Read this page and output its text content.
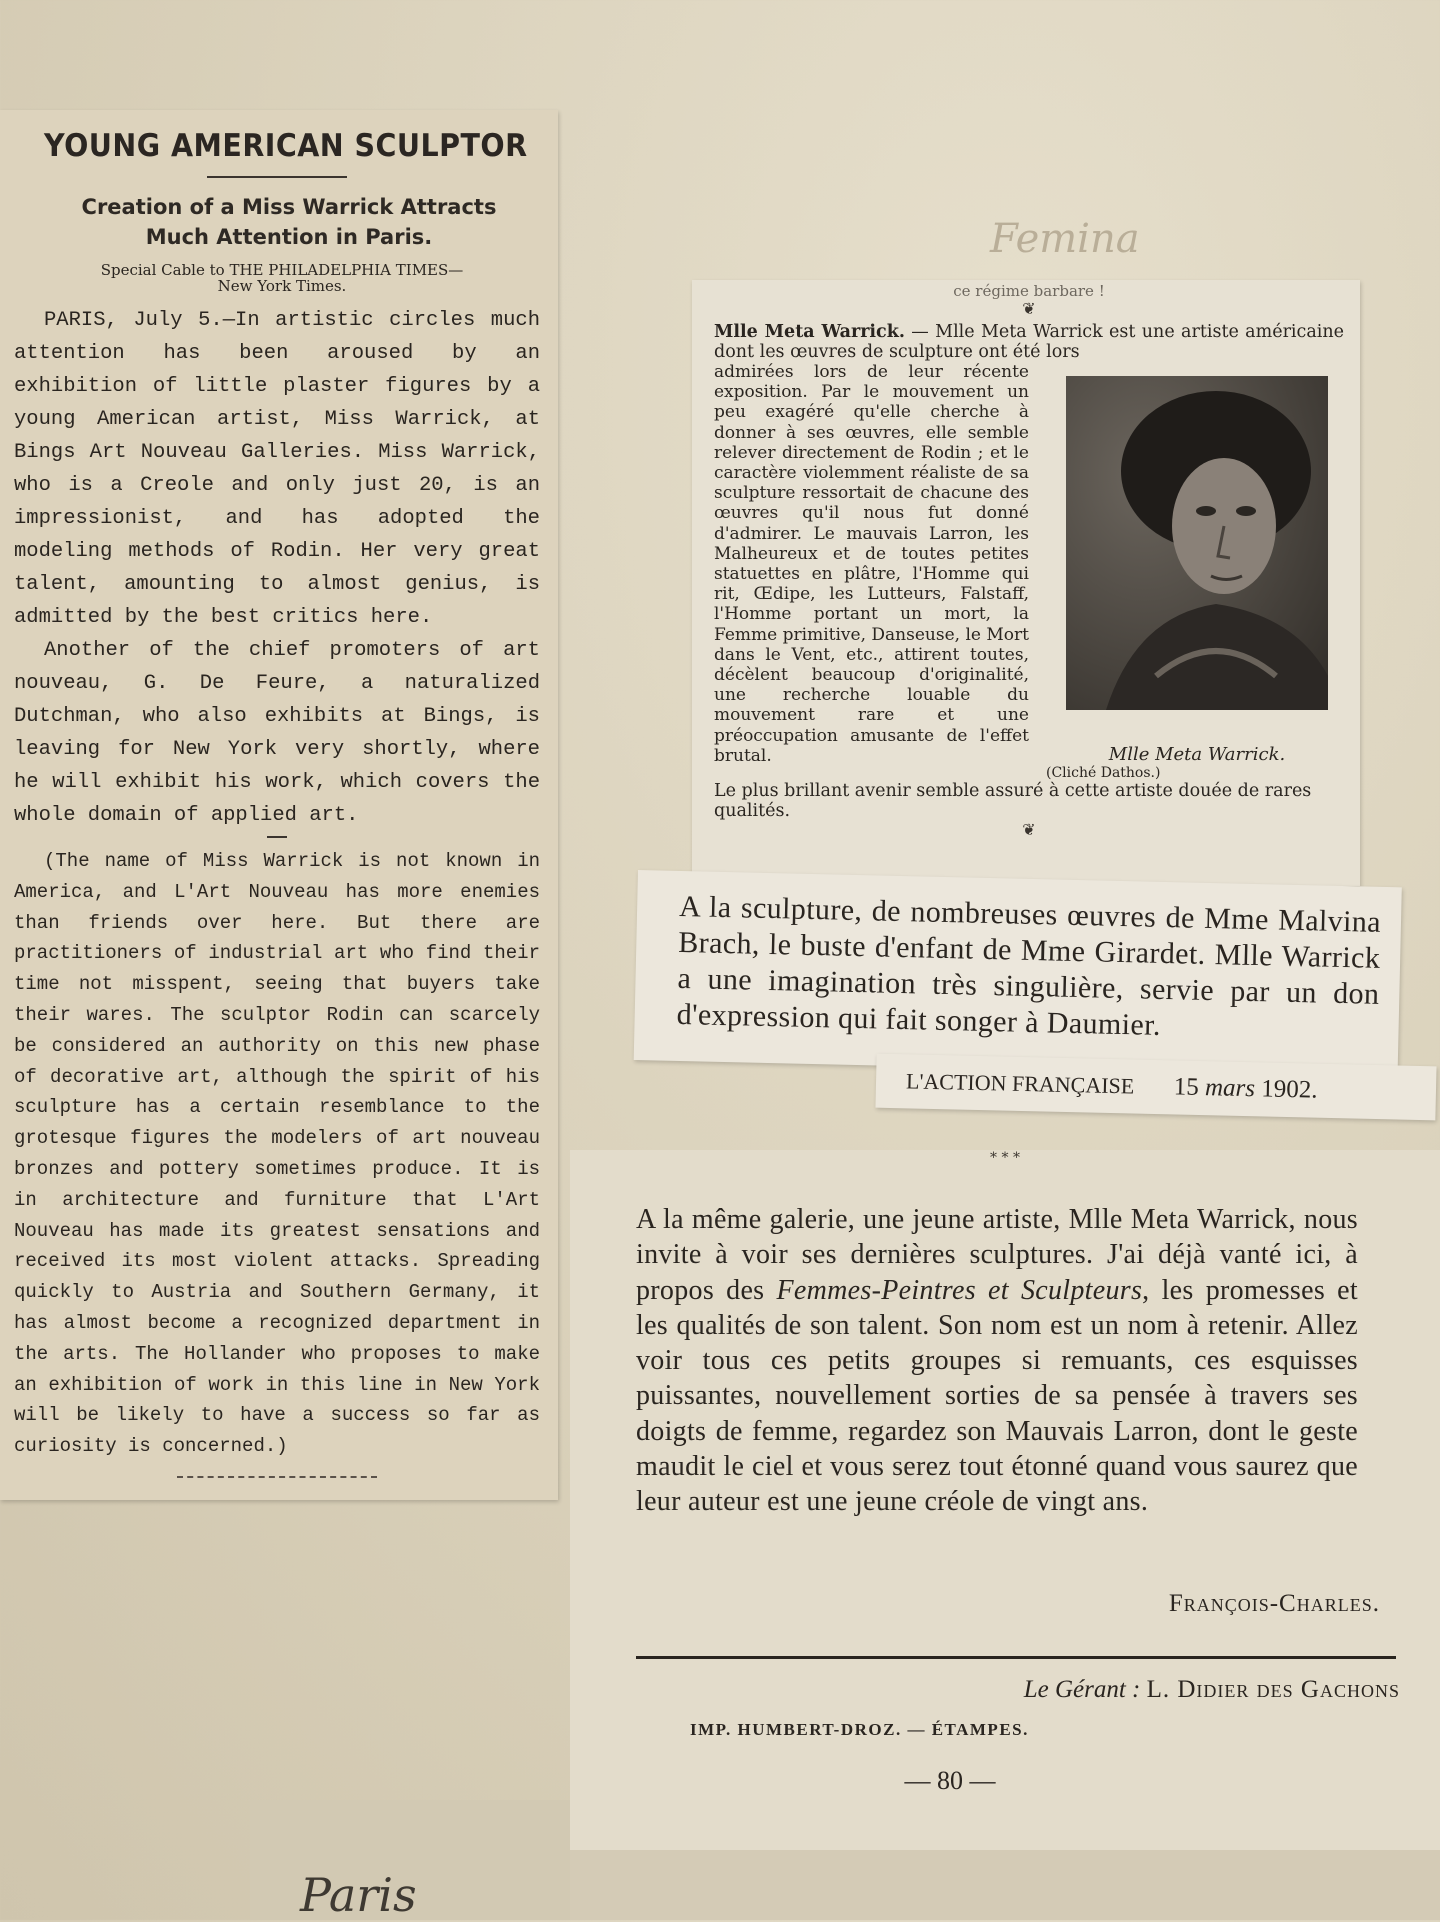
YOUNG AMERICAN SCULPTOR
Creation of a Miss Warrick Attracts
Much Attention in Paris.
Special Cable to THE PHILADELPHIA TIMES—
New York Times.

PARIS, July 5.—In artistic circles much attention has been aroused by an exhibition of little plaster figures by a young American artist, Miss Warrick, at Bings Art Nouveau Galleries. Miss Warrick, who is a Creole and only just 20, is an impressionist, and has adopted the modeling methods of Rodin. Her very great talent, amounting to almost genius, is admitted by the best critics here.

Another of the chief promoters of art nouveau, G. De Feure, a naturalized Dutchman, who also exhibits at Bings, is leaving for New York very shortly, where he will exhibit his work, which covers the whole domain of applied art.

(The name of Miss Warrick is not known in America, and L'Art Nouveau has more enemies than friends over here. But there are practitioners of industrial art who find their time not misspent, seeing that buyers take their wares. The sculptor Rodin can scarcely be considered an authority on this new phase of decorative art, although the spirit of his sculpture has a certain resemblance to the grotesque figures the modelers of art nouveau bronzes and pottery sometimes produce. It is in architecture and furniture that L'Art Nouveau has made its greatest sensations and received its most violent attacks. Spreading quickly to Austria and Southern Germany, it has almost become a recognized department in the arts. The Hollander who proposes to make an exhibition of work in this line in New York will be likely to have a success so far as curiosity is concerned.)

Femina
ce régime barbare !
❦

Mlle Meta Warrick. — Mlle Meta Warrick est une artiste américaine dont les œuvres de sculpture ont été lors

admirées lors de leur récente exposition. Par le mouvement un peu exagéré qu'elle cherche à donner à ses œuvres, elle semble relever directement de Rodin ; et le caractère violemment réaliste de sa sculpture ressortait de chacune des œuvres qu'il nous fut donné d'admirer. Le mauvais Larron, les Malheureux et de toutes petites statuettes en plâtre, l'Homme qui rit, Œdipe, les Lutteurs, Falstaff, l'Homme portant un mort, la Femme primitive, Danseuse, le Mort dans le Vent, etc., attirent toutes, décèlent beaucoup d'originalité, une recherche louable du mouvement rare et une préoccupation amusante de l'effet brutal.	Mlle Meta Warrick.
(Cliché Dathos.)

Le plus brillant avenir semble assuré à cette artiste douée de rares qualités.

❦

A la sculpture, de nombreuses œuvres de Mme Malvina Brach, le buste d'enfant de Mme Girardet. Mlle Warrick a une imagination très singulière, servie par un don d'expression qui fait songer à Daumier.

L'ACTION FRANÇAISE 15 mars 1902.
* * *

A la même galerie, une jeune artiste, Mlle Meta Warrick, nous invite à voir ses dernières sculptures. J'ai déjà vanté ici, à propos des Femmes-Peintres et Sculpteurs, les promesses et les qualités de son talent. Son nom est un nom à retenir. Allez voir tous ces petits groupes si remuants, ces esquisses puissantes, nouvellement sorties de sa pensée à travers ses doigts de femme, regardez son Mauvais Larron, dont le geste maudit le ciel et vous serez tout étonné quand vous saurez que leur auteur est une jeune créole de vingt ans.

François-Charles.
Le Gérant : L. Didier des Gachons
IMP. HUMBERT-DROZ. — ÉTAMPES.
— 80 —
Paris
